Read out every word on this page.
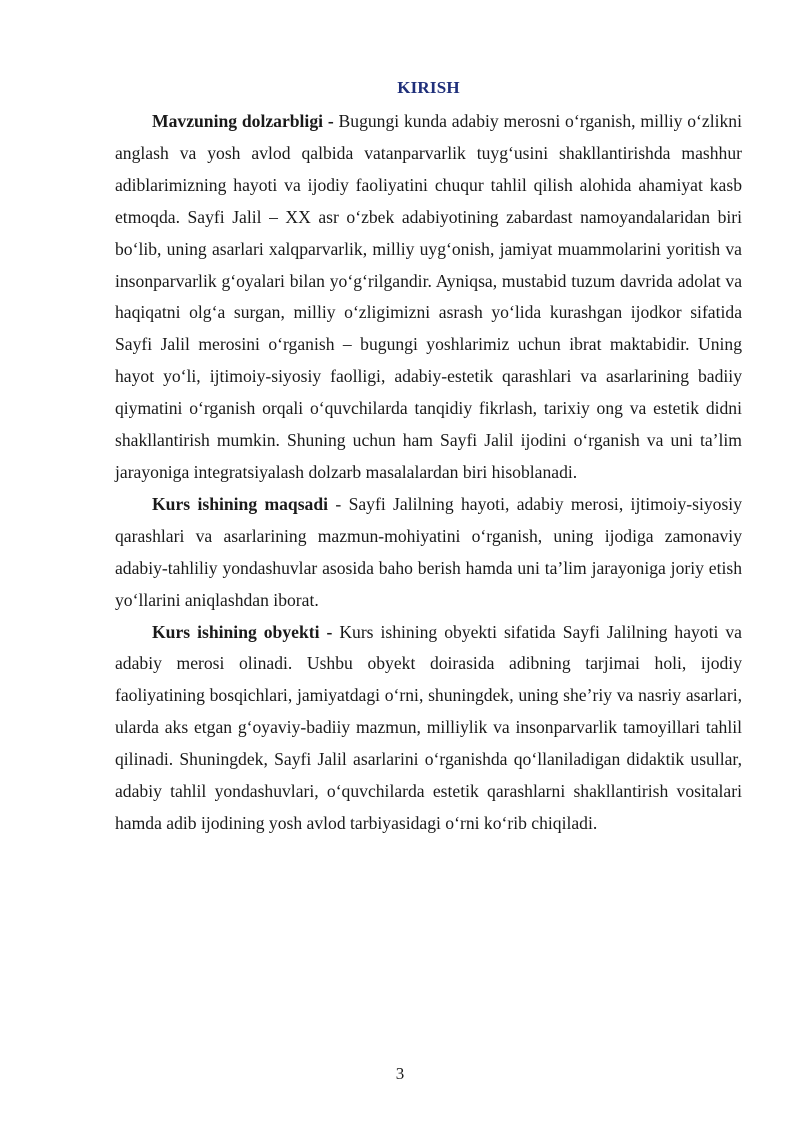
KIRISH

Mavzuning dolzarbligi - Bugungi kunda adabiy merosni o‘rganish, milliy o‘zlikni anglash va yosh avlod qalbida vatanparvarlik tuyg‘usini shakllantirishda mashhur adiblarimizning hayoti va ijodiy faoliyatini chuqur tahlil qilish alohida ahamiyat kasb etmoqda. Sayfi Jalil – XX asr o‘zbek adabiyotining zabardast namoyandalaridan biri bo‘lib, uning asarlari xalqparvarlik, milliy uyg‘onish, jamiyat muammolarini yoritish va insonparvarlik g‘oyalari bilan yo‘g‘rilgandir. Ayniqsa, mustabid tuzum davrida adolat va haqiqatni olg‘a surgan, milliy o‘zligimizni asrash yo‘lida kurashgan ijodkor sifatida Sayfi Jalil merosini o‘rganish – bugungi yoshlarimiz uchun ibrat maktabidir. Uning hayot yo‘li, ijtimoiy-siyosiy faolligi, adabiy-estetik qarashlari va asarlarining badiiy qiymatini o‘rganish orqali o‘quvchilarda tanqidiy fikrlash, tarixiy ong va estetik didni shakllantirish mumkin. Shuning uchun ham Sayfi Jalil ijodini o‘rganish va uni ta’lim jarayoniga integratsiyalash dolzarb masalalardan biri hisoblanadi.

Kurs ishining maqsadi - Sayfi Jalilning hayoti, adabiy merosi, ijtimoiy-siyosiy qarashlari va asarlarining mazmun-mohiyatini o‘rganish, uning ijodiga zamonaviy adabiy-tahliliy yondashuvlar asosida baho berish hamda uni ta’lim jarayoniga joriy etish yo‘llarini aniqlashdan iborat.

Kurs ishining obyekti - Kurs ishining obyekti sifatida Sayfi Jalilning hayoti va adabiy merosi olinadi. Ushbu obyekt doirasida adibning tarjimai holi, ijodiy faoliyatining bosqichlari, jamiyatdagi o‘rni, shuningdek, uning she’riy va nasriy asarlari, ularda aks etgan g‘oyaviy-badiiy mazmun, milliylik va insonparvarlik tamoyillari tahlil qilinadi. Shuningdek, Sayfi Jalil asarlarini o‘rganishda qo‘llaniladigan didaktik usullar, adabiy tahlil yondashuvlari, o‘quvchilarda estetik qarashlarni shakllantirish vositalari hamda adib ijodining yosh avlod tarbiyasidagi o‘rni ko‘rib chiqiladi.

3
